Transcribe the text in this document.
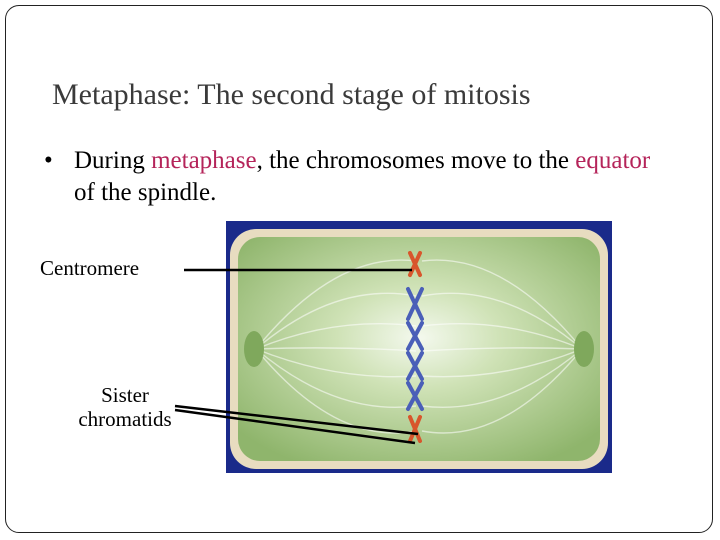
Metaphase: The second stage of mitosis
• During metaphase, the chromosomes move to the equator of the spindle.
Centromere
Sister
chromatids
